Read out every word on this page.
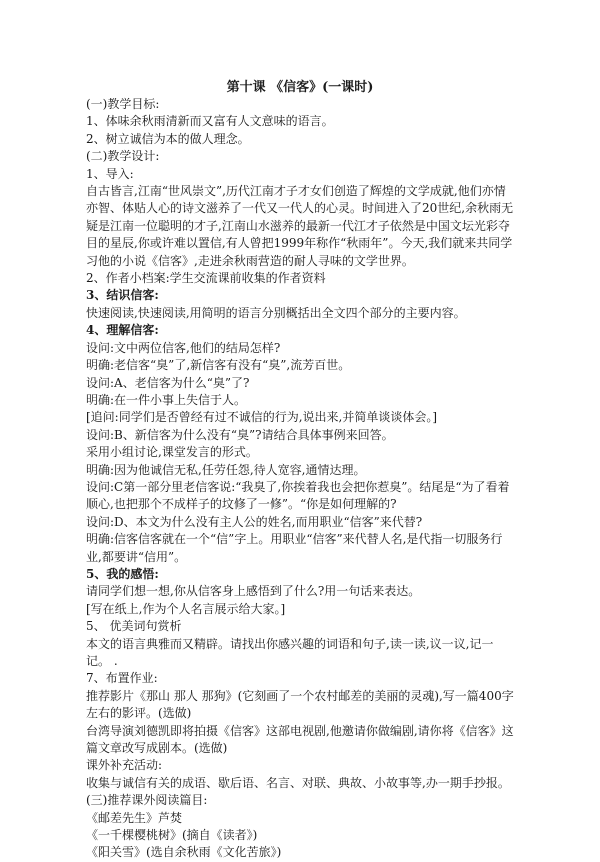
第十课 《信客》(一课时)

(一)教学目标:

1、体味余秋雨清新而又富有人文意味的语言。

2、树立诚信为本的做人理念。

(二)教学设计:

1、导入:

自古皆言,江南“世风崇文”,历代江南才子才女们创造了辉煌的文学成就,他们亦情亦智、体贴人心的诗文滋养了一代又一代人的心灵。时间进入了20世纪,余秋雨无疑是江南一位聪明的才子,江南山水滋养的最新一代江才子依然是中国文坛光彩夺目的星辰,你或许难以置信,有人曾把1999年称作“秋雨年”。今天,我们就来共同学习他的小说《信客》,走进余秋雨营造的耐人寻味的文学世界。

2、作者小档案:学生交流课前收集的作者资料

3、结识信客:

快速阅读,快速阅读,用简明的语言分别概括出全文四个部分的主要内容。

4、理解信客:

设问:文中两位信客,他们的结局怎样?

明确:老信客“臭”了,新信客有没有“臭”,流芳百世。

设问:A、老信客为什么“臭”了?

明确:在一件小事上失信于人。

[追问:同学们是否曾经有过不诚信的行为,说出来,并简单谈谈体会。]

设问:B、新信客为什么没有“臭”?请结合具体事例来回答。

采用小组讨论,课堂发言的形式。

明确:因为他诚信无私,任劳任怨,待人宽容,通情达理。

设问:C第一部分里老信客说:“我臭了,你挨着我也会把你惹臭”。结尾是“为了看着顺心,也把那个不成样子的坟修了一修”。“你是如何理解的?

设问:D、本文为什么没有主人公的姓名,而用职业“信客”来代替?

明确:信客信客就在一个“信”字上。用职业“信客”来代替人名,是代指一切服务行业,都要讲“信用”。

5、我的感悟:

请同学们想一想,你从信客身上感悟到了什么?用一句话来表达。

[写在纸上,作为个人名言展示给大家。]

5、 优美词句赏析

本文的语言典雅而又精辟。请找出你感兴趣的词语和句子,读一读,议一议,记一记。 .

7、布置作业:

推荐影片《那山 那人 那狗》(它刻画了一个农村邮差的美丽的灵魂),写一篇400字左右的影评。(选做)

台湾导演刘德凯即将拍摄《信客》这部电视剧,他邀请你做编剧,请你将《信客》这篇文章改写成剧本。(选做)

课外补充活动:

收集与诚信有关的成语、歇后语、名言、对联、典故、小故事等,办一期手抄报。

(三)推荐课外阅读篇目:

《邮差先生》芦焚

《一千棵樱桃树》(摘自《读者》)

《阳关雪》(选自余秋雨《文化苦旅》)
